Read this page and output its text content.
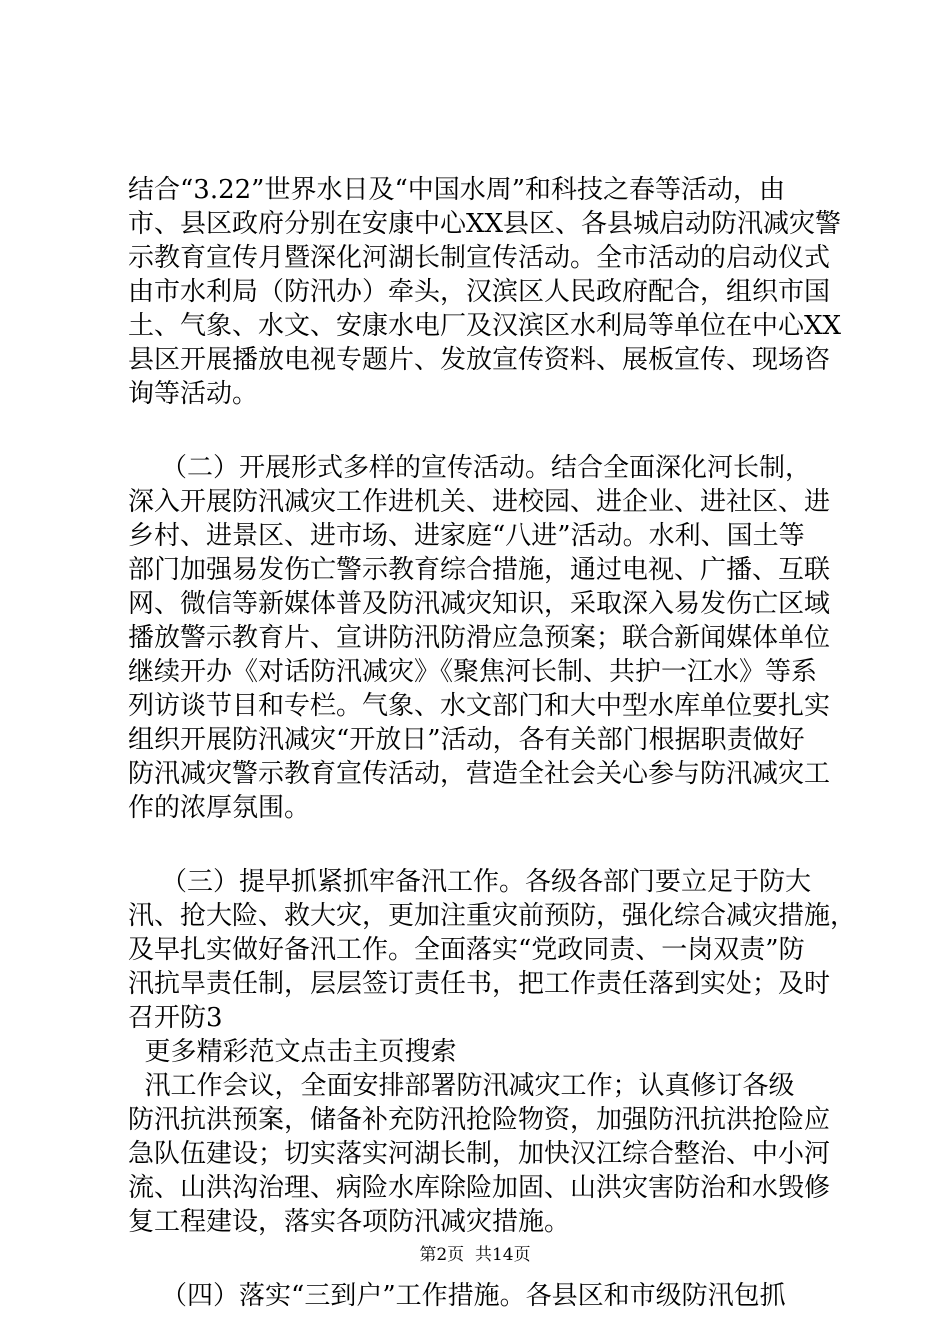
结合“3.22”世界水日及“中国水周”和科技之春等活动，由
市、县区政府分别在安康中心XX县区、各县城启动防汛减灾警
示教育宣传月暨深化河湖长制宣传活动。全市活动的启动仪式
由市水利局（防汛办）牵头，汉滨区人民政府配合，组织市国
土、气象、水文、安康水电厂及汉滨区水利局等单位在中心XX
县区开展播放电视专题片、发放宣传资料、展板宣传、现场咨
询等活动。
（二）开展形式多样的宣传活动。结合全面深化河长制，
深入开展防汛减灾工作进机关、进校园、进企业、进社区、进
乡村、进景区、进市场、进家庭“八进”活动。水利、国土等
部门加强易发伤亡警示教育综合措施，通过电视、广播、互联
网、微信等新媒体普及防汛减灾知识，采取深入易发伤亡区域
播放警示教育片、宣讲防汛防滑应急预案；联合新闻媒体单位
继续开办《对话防汛减灾》《聚焦河长制、共护一江水》等系
列访谈节目和专栏。气象、水文部门和大中型水库单位要扎实
组织开展防汛减灾“开放日”活动，各有关部门根据职责做好
防汛减灾警示教育宣传活动，营造全社会关心参与防汛减灾工
作的浓厚氛围。
（三）提早抓紧抓牢备汛工作。各级各部门要立足于防大
汛、抢大险、救大灾，更加注重灾前预防，强化综合减灾措施，
及早扎实做好备汛工作。全面落实“党政同责、一岗双责”防
汛抗旱责任制，层层签订责任书，把工作责任落到实处；及时
召开防3
更多精彩范文点击主页搜索
汛工作会议，全面安排部署防汛减灾工作；认真修订各级
防汛抗洪预案，储备补充防汛抢险物资，加强防汛抗洪抢险应
急队伍建设；切实落实河湖长制，加快汉江综合整治、中小河
流、山洪沟治理、病险水库除险加固、山洪灾害防治和水毁修
复工程建设，落实各项防汛减灾措施。
（四）落实“三到户”工作措施。各县区和市级防汛包抓
第2页  共14页
